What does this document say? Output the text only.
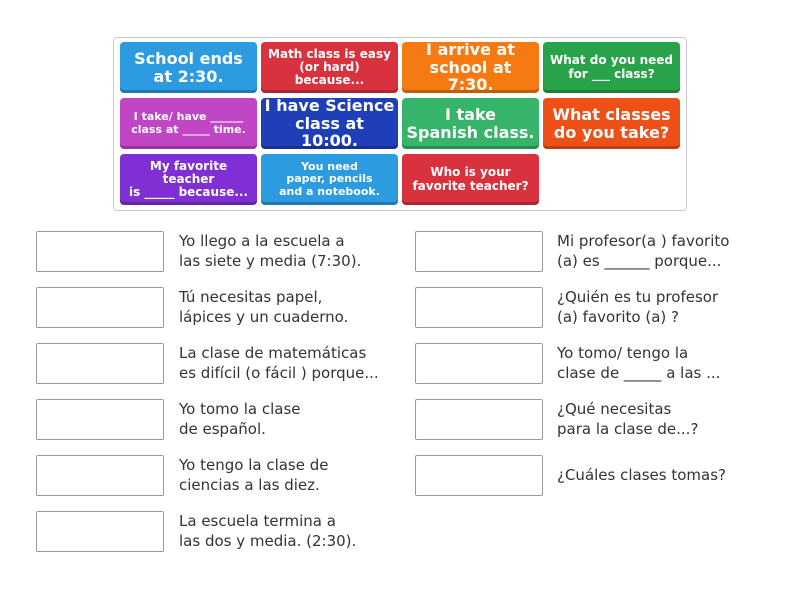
School ends
at 2:30.
Math class is easy
(or hard) because...
I arrive at
school at 7:30.
What do you need
for ___ class?
I take/ have ______
class at _____ time.
I have Science
class at 10:00.
I take
Spanish class.
What classes
do you take?
My favorite teacher
is _____ because...
You need
paper, pencils
and a notebook.
Who is your
favorite teacher?
Yo llego a la escuela a
las siete y media (7:30).
Tú necesitas papel,
lápices y un cuaderno.
La clase de matemáticas
es difícil (o fácil ) porque...
Yo tomo la clase
de español.
Yo tengo la clase de
ciencias a las diez.
La escuela termina a
las dos y media. (2:30).
Mi profesor(a ) favorito
(a) es ______ porque...
¿Quién es tu profesor
(a) favorito (a) ?
Yo tomo/ tengo la
clase de _____ a las ...
¿Qué necesitas
para la clase de...?
¿Cuáles clases tomas?
